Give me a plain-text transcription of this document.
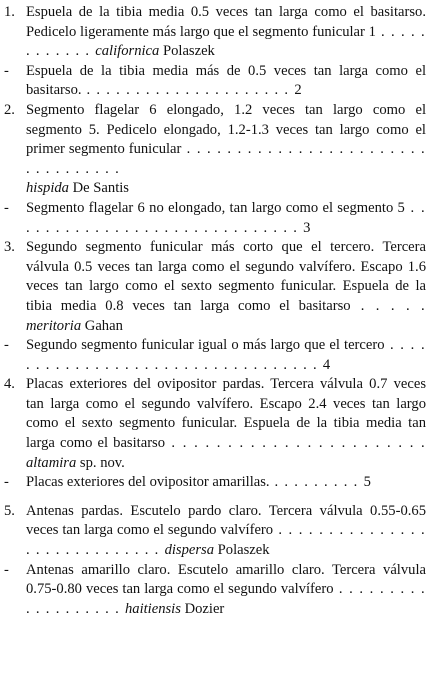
1. Espuela de la tibia media 0.5 veces tan larga como el basitarso. Pedicelo ligeramente más largo que el segmento funicular 1 . . . . . . . . . . . . californica Polaszek
-	Espuela de la tibia media más de 0.5 veces tan larga como el basitarso. . . . . . . . . . . . . . . . . . . . . . 2
2. Segmento flagelar 6 elongado, 1.2 veces tan largo como el segmento 5. Pedicelo elongado, 1.2-1.3 veces tan largo como el primer segmento funicular . . . . . . . . . . . . . . . . . . . . . . . . . . . . . . . . . .
hispida De Santis
-	Segmento flagelar 6 no elongado, tan largo como el segmento 5 . . . . . . . . . . . . . . . . . . . . . . . . . . . . . . 3
3. Segundo segmento funicular más corto que el tercero. Tercera válvula 0.5 veces tan larga como el segundo valvífero. Escapo 1.6 veces tan largo como el sexto segmento funicular. Espuela de la tibia media 0.8 veces tan larga como el basitarso . . . . . meritoria Gahan
-	Segundo segmento funicular igual o más largo que el tercero . . . . . . . . . . . . . . . . . . . . . . . . . . . . . . . . . . 4
4. Placas exteriores del ovipositor pardas. Tercera válvula 0.7 veces tan larga como el segundo valvífero. Escapo 2.4 veces tan largo como el sexto segmento funicular. Espuela de la tibia media tan larga como el basitarso . . . . . . . . . . . . . . . . . . . . . . . altamira sp. nov.
-	Placas exteriores del ovipositor amarillas. . . . . . . . . . 5
5. Antenas pardas. Escutelo pardo claro. Tercera válvula 0.55-0.65 veces tan larga como el segundo valvífero . . . . . . . . . . . . . . . . . . . . . . . . . . . . . dispersa Polaszek
-	Antenas amarillo claro. Escutelo amarillo claro. Tercera válvula 0.75-0.80 veces tan larga como el segundo valvífero . . . . . . . . . . . . . . . . . . . haitiensis Dozier
